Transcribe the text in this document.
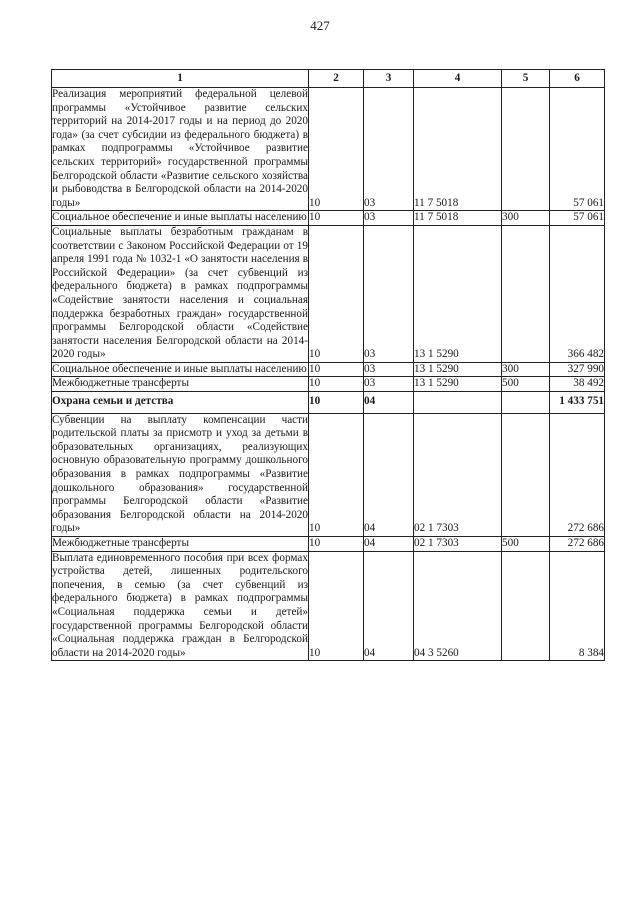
427
1	2	3	4	5	6
Реализация мероприятий федеральной целевой программы «Устойчивое развитие сельских территорий на 2014-2017 годы и на период до 2020 года» (за счет субсидии из федерального бюджета) в рамках подпрограммы «Устойчивое развитие сельских территорий» государственной программы Белгородской области «Развитие сельского хозяйства и рыбоводства в Белгородской области на 2014-2020 годы»	10	03	11 7 5018		57 061
Социальное обеспечение и иные выплаты населению	10	03	11 7 5018	300	57 061
Социальные выплаты безработным гражданам в соответствии с Законом Российской Федерации от 19 апреля 1991 года № 1032-1 «О занятости населения в Российской Федерации» (за счет субвенций из федерального бюджета) в рамках подпрограммы «Содействие занятости населения и социальная поддержка безработных граждан» государственной программы Белгородской области «Содействие занятости населения Белгородской области на 2014-2020 годы»	10	03	13 1 5290		366 482
Социальное обеспечение и иные выплаты населению	10	03	13 1 5290	300	327 990
Межбюджетные трансферты	10	03	13 1 5290	500	38 492
Охрана семьи и детства	10	04			1 433 751
Субвенции на выплату компенсации части родительской платы за присмотр и уход за детьми в образовательных организациях, реализующих основную образовательную программу дошкольного образования в рамках подпрограммы «Развитие дошкольного образования» государственной программы Белгородской области «Развитие образования Белгородской области на 2014-2020 годы»	10	04	02 1 7303		272 686
Межбюджетные трансферты	10	04	02 1 7303	500	272 686
Выплата единовременного пособия при всех формах устройства детей, лишенных родительского попечения, в семью (за счет субвенций из федерального бюджета) в рамках подпрограммы «Социальная поддержка семьи и детей» государственной программы Белгородской области «Социальная поддержка граждан в Белгородской области на 2014-2020 годы»	10	04	04 3 5260		8 384
